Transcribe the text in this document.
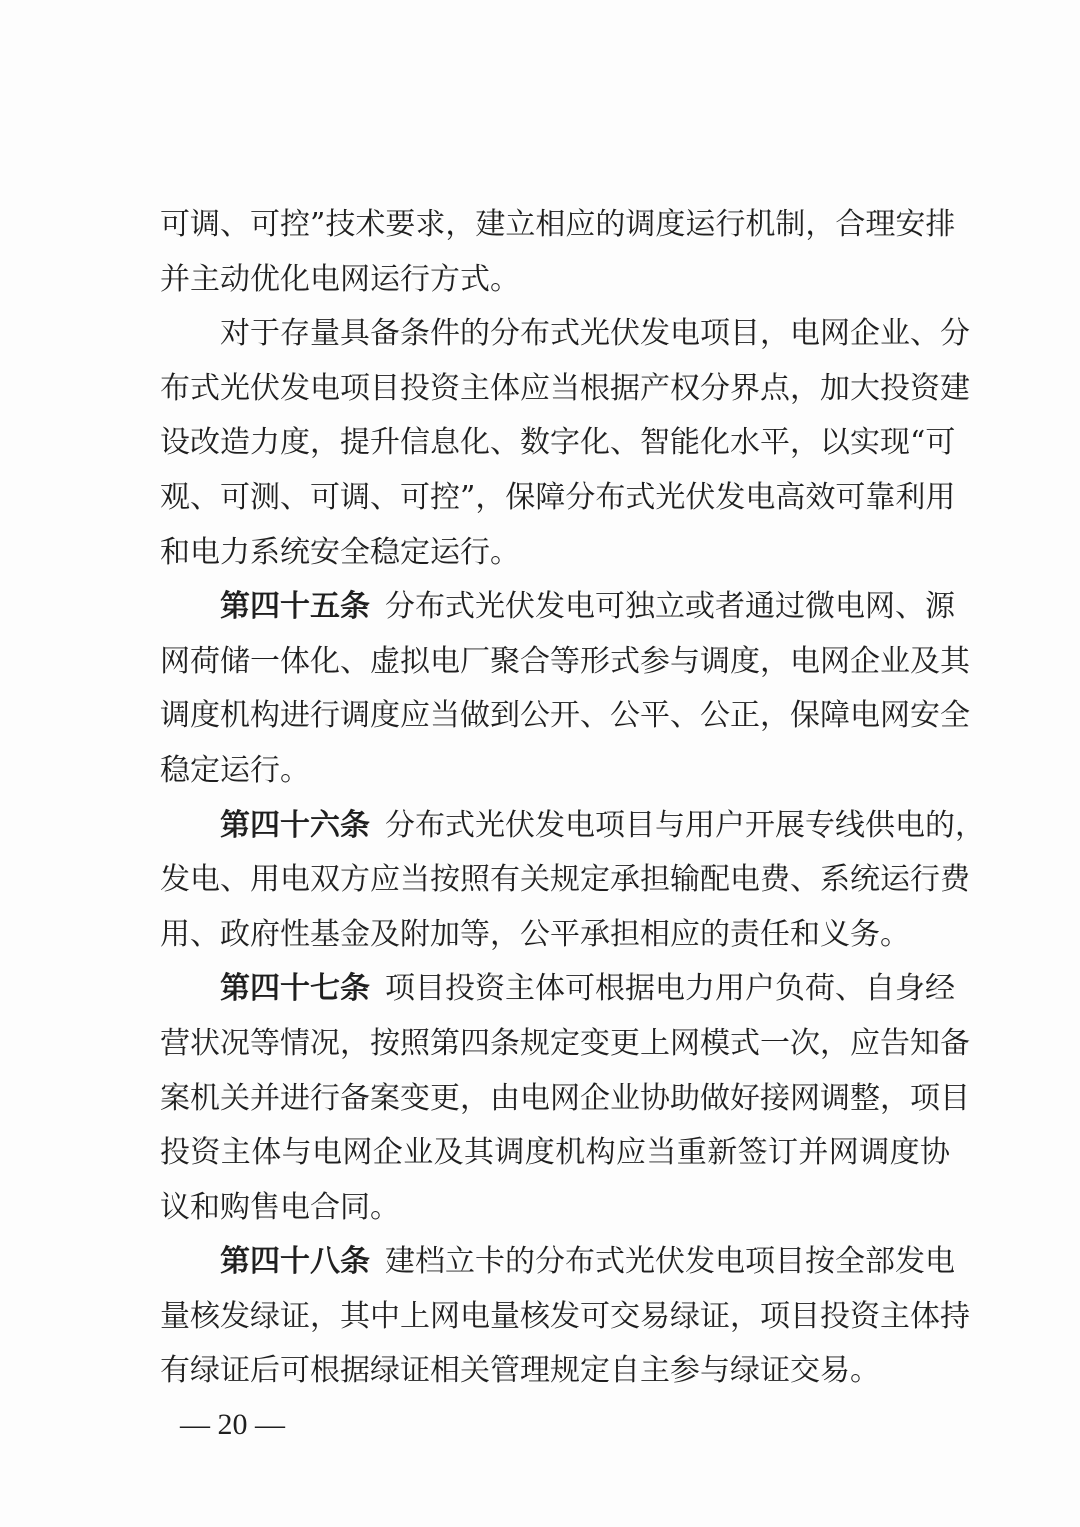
可调、可控”技术要求，建立相应的调度运行机制，合理安排
并主动优化电网运行方式。
对于存量具备条件的分布式光伏发电项目，电网企业、分
布式光伏发电项目投资主体应当根据产权分界点，加大投资建
设改造力度，提升信息化、数字化、智能化水平，以实现“可
观、可测、可调、可控”，保障分布式光伏发电高效可靠利用
和电力系统安全稳定运行。
第四十五条 分布式光伏发电可独立或者通过微电网、源
网荷储一体化、虚拟电厂聚合等形式参与调度，电网企业及其
调度机构进行调度应当做到公开、公平、公正，保障电网安全
稳定运行。
第四十六条 分布式光伏发电项目与用户开展专线供电的，
发电、用电双方应当按照有关规定承担输配电费、系统运行费
用、政府性基金及附加等，公平承担相应的责任和义务。
第四十七条 项目投资主体可根据电力用户负荷、自身经
营状况等情况，按照第四条规定变更上网模式一次，应告知备
案机关并进行备案变更，由电网企业协助做好接网调整，项目
投资主体与电网企业及其调度机构应当重新签订并网调度协
议和购售电合同。
第四十八条 建档立卡的分布式光伏发电项目按全部发电
量核发绿证，其中上网电量核发可交易绿证，项目投资主体持
有绿证后可根据绿证相关管理规定自主参与绿证交易。
— 20 —
